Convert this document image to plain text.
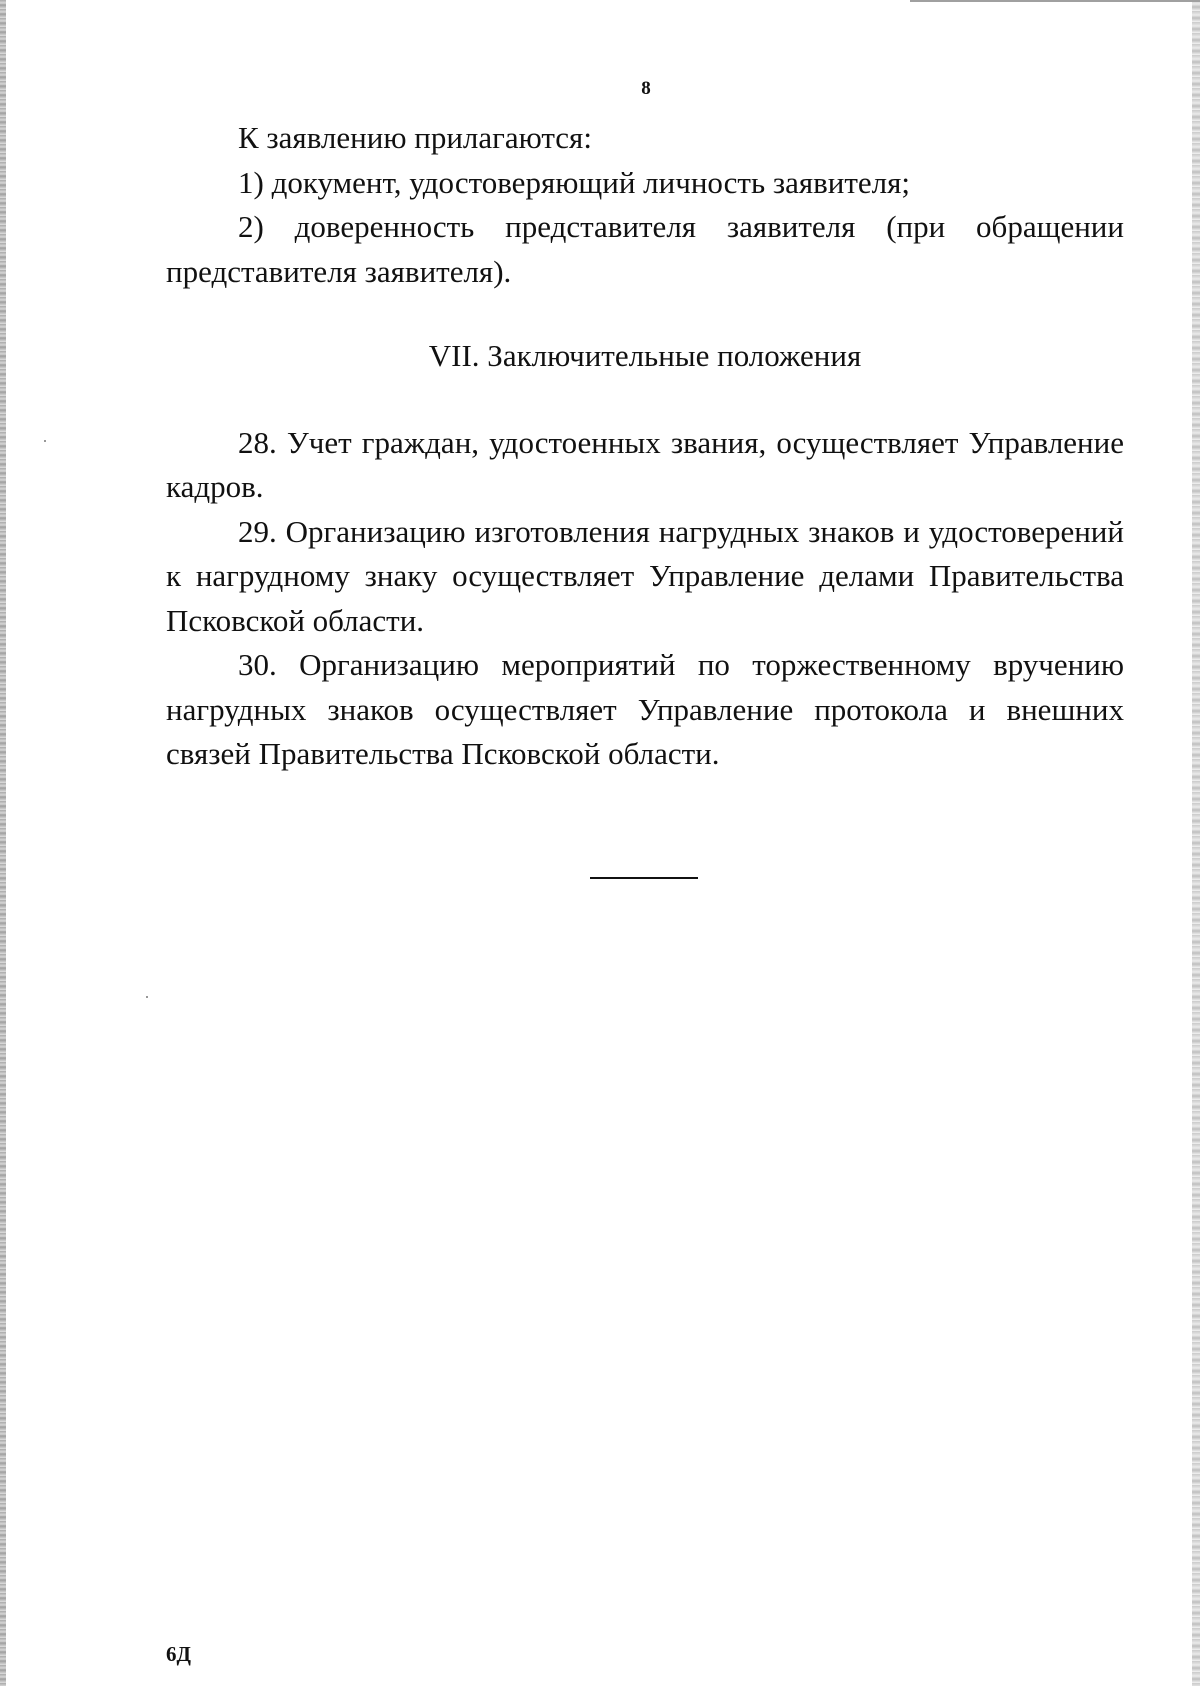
8

К заявлению прилагаются:

1) документ, удостоверяющий личность заявителя;

2) доверенность представителя заявителя (при обращении представителя заявителя).

VII. Заключительные положения

28. Учет граждан, удостоенных звания, осуществляет Управление кадров.

29. Организацию изготовления нагрудных знаков и удостоверений к нагрудному знаку осуществляет Управление делами Правительства Псковской области.

30. Организацию мероприятий по торжественному вручению нагрудных знаков осуществляет Управление протокола и внешних связей Правительства Псковской области.

6Д
